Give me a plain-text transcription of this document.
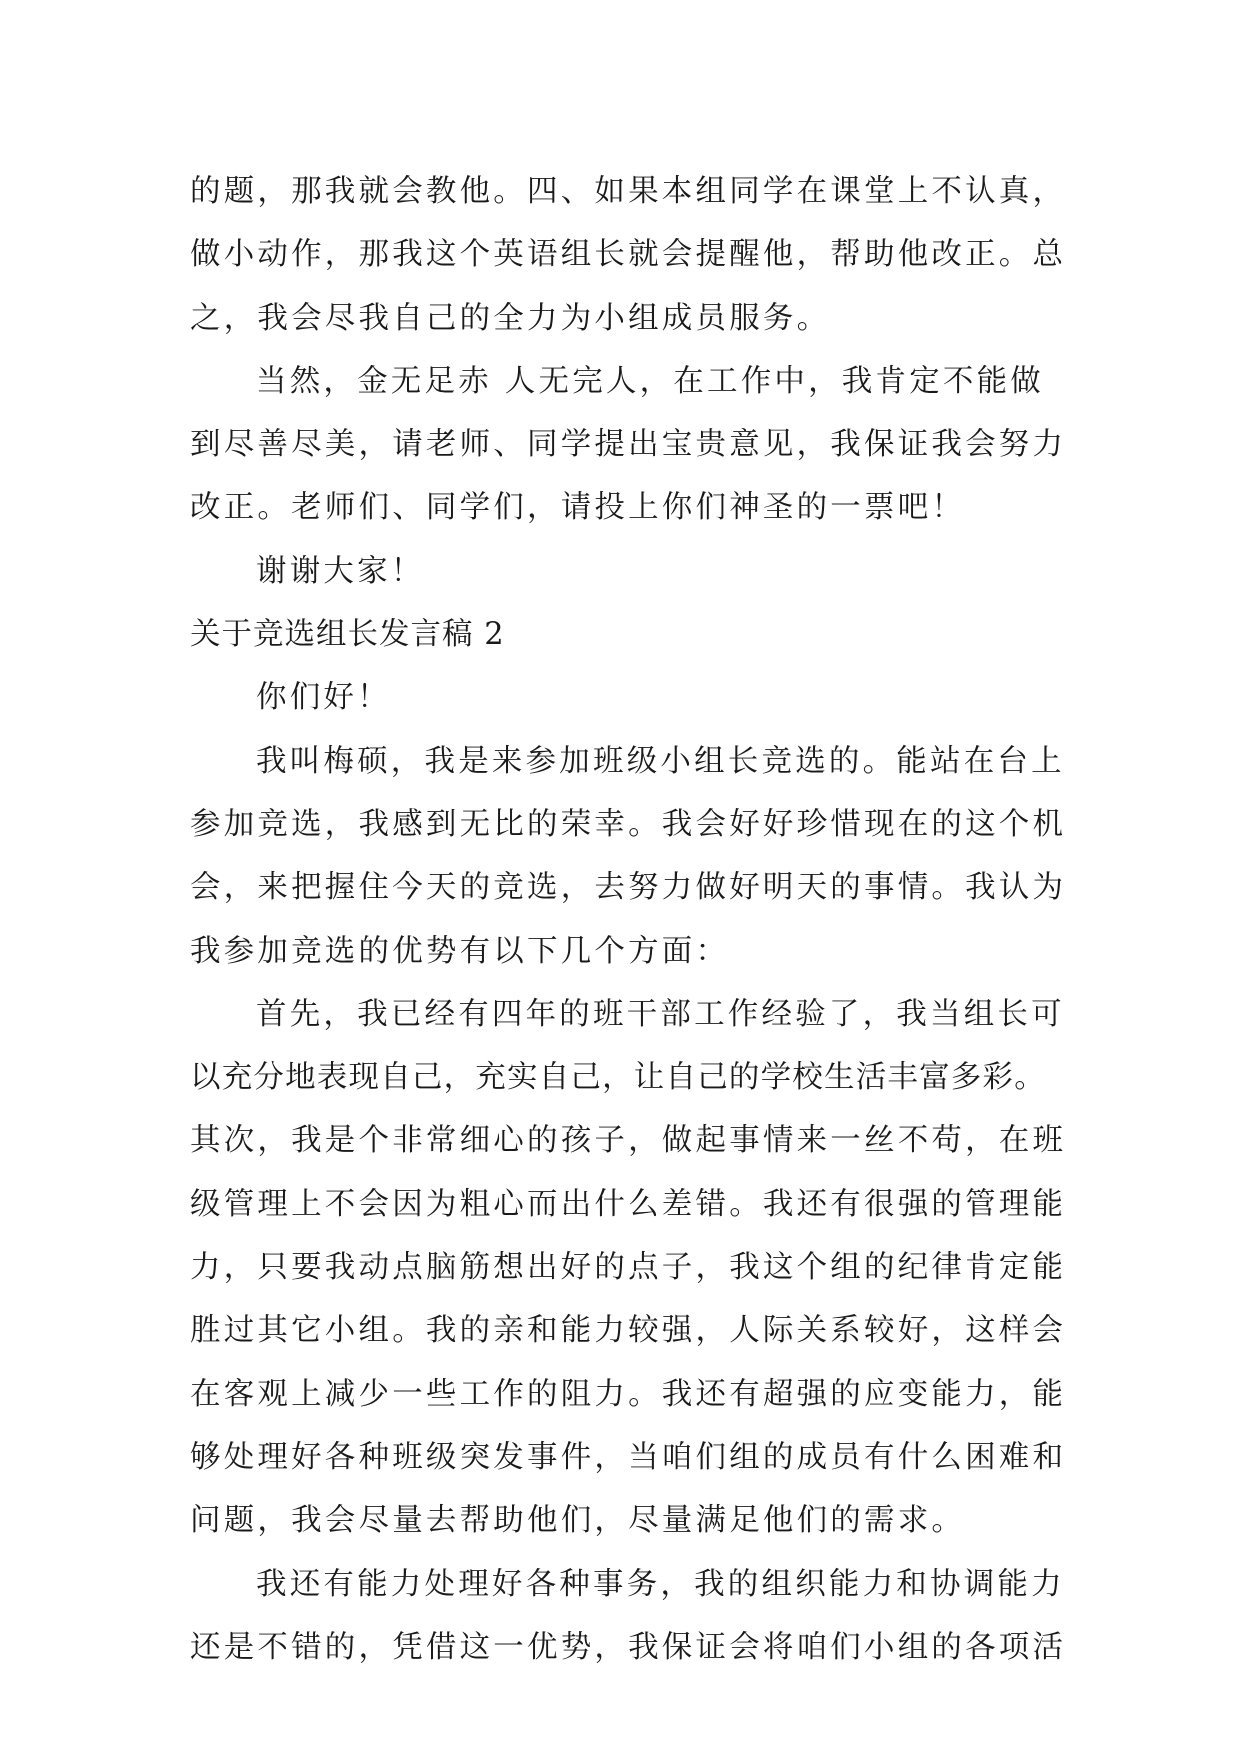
的题，那我就会教他。四、如果本组同学在课堂上不认真，
做小动作，那我这个英语组长就会提醒他，帮助他改正。总
之，我会尽我自己的全力为小组成员服务。
当然，金无足赤 人无完人，在工作中，我肯定不能做
到尽善尽美，请老师、同学提出宝贵意见，我保证我会努力
改正。老师们、同学们，请投上你们神圣的一票吧！
谢谢大家！
关于竞选组长发言稿 2
你们好！
我叫梅硕，我是来参加班级小组长竞选的。能站在台上
参加竞选，我感到无比的荣幸。我会好好珍惜现在的这个机
会，来把握住今天的竞选，去努力做好明天的事情。我认为
我参加竞选的优势有以下几个方面：
首先，我已经有四年的班干部工作经验了，我当组长可
以充分地表现自己，充实自己，让自己的学校生活丰富多彩。
其次，我是个非常细心的孩子，做起事情来一丝不苟，在班
级管理上不会因为粗心而出什么差错。我还有很强的管理能
力，只要我动点脑筋想出好的点子，我这个组的纪律肯定能
胜过其它小组。我的亲和能力较强，人际关系较好，这样会
在客观上减少一些工作的阻力。我还有超强的应变能力，能
够处理好各种班级突发事件，当咱们组的成员有什么困难和
问题，我会尽量去帮助他们，尽量满足他们的需求。
我还有能力处理好各种事务，我的组织能力和协调能力
还是不错的，凭借这一优势，我保证会将咱们小组的各项活
